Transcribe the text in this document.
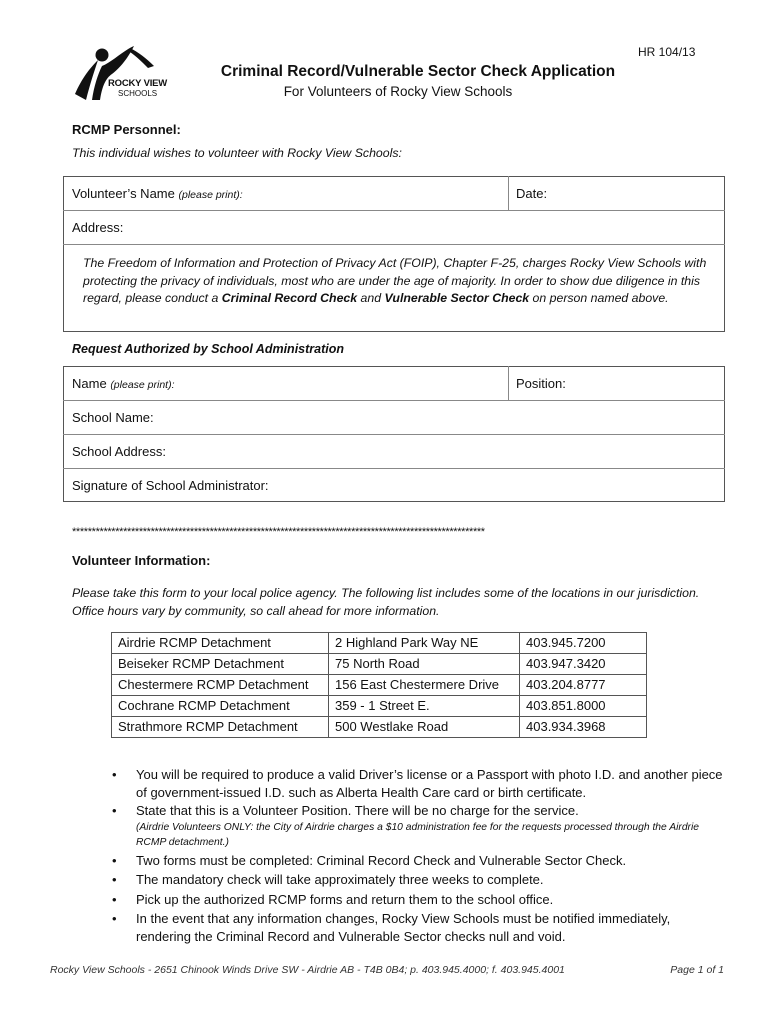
HR 104/13
ROCKY VIEW
SCHOOLS
Criminal Record/Vulnerable Sector Check Application
For Volunteers of Rocky View Schools
RCMP Personnel:
This individual wishes to volunteer with Rocky View Schools:
Volunteer’s Name (please print):	Date:
Address:
The Freedom of Information and Protection of Privacy Act (FOIP), Chapter F-25, charges Rocky View Schools with protecting the privacy of individuals, most who are under the age of majority. In order to show due diligence in this regard, please conduct a Criminal Record Check and Vulnerable Sector Check on person named above.
Request Authorized by School Administration
Name (please print):	Position:
School Name:
School Address:
Signature of School Administrator:
*********************************************************************************************************
Volunteer Information:
Please take this form to your local police agency. The following list includes some of the locations in our jurisdiction. Office hours vary by community, so call ahead for more information.
Airdrie RCMP Detachment	2 Highland Park Way NE	403.945.7200
Beiseker RCMP Detachment	75 North Road	403.947.3420
Chestermere RCMP Detachment	156 East Chestermere Drive	403.204.8777
Cochrane RCMP Detachment	359 - 1 Street E.	403.851.8000
Strathmore RCMP Detachment	500 Westlake Road	403.934.3968
• You will be required to produce a valid Driver’s license or a Passport with photo I.D. and another piece of government-issued I.D. such as Alberta Health Care card or birth certificate.
• State that this is a Volunteer Position. There will be no charge for the service.
(Airdrie Volunteers ONLY: the City of Airdrie charges a $10 administration fee for the requests processed through the Airdrie RCMP detachment.)
• Two forms must be completed: Criminal Record Check and Vulnerable Sector Check.
• The mandatory check will take approximately three weeks to complete.
• Pick up the authorized RCMP forms and return them to the school office.
• In the event that any information changes, Rocky View Schools must be notified immediately, rendering the Criminal Record and Vulnerable Sector checks null and void.
Rocky View Schools - 2651 Chinook Winds Drive SW - Airdrie AB - T4B 0B4; p. 403.945.4000; f. 403.945.4001	Page 1 of 1
